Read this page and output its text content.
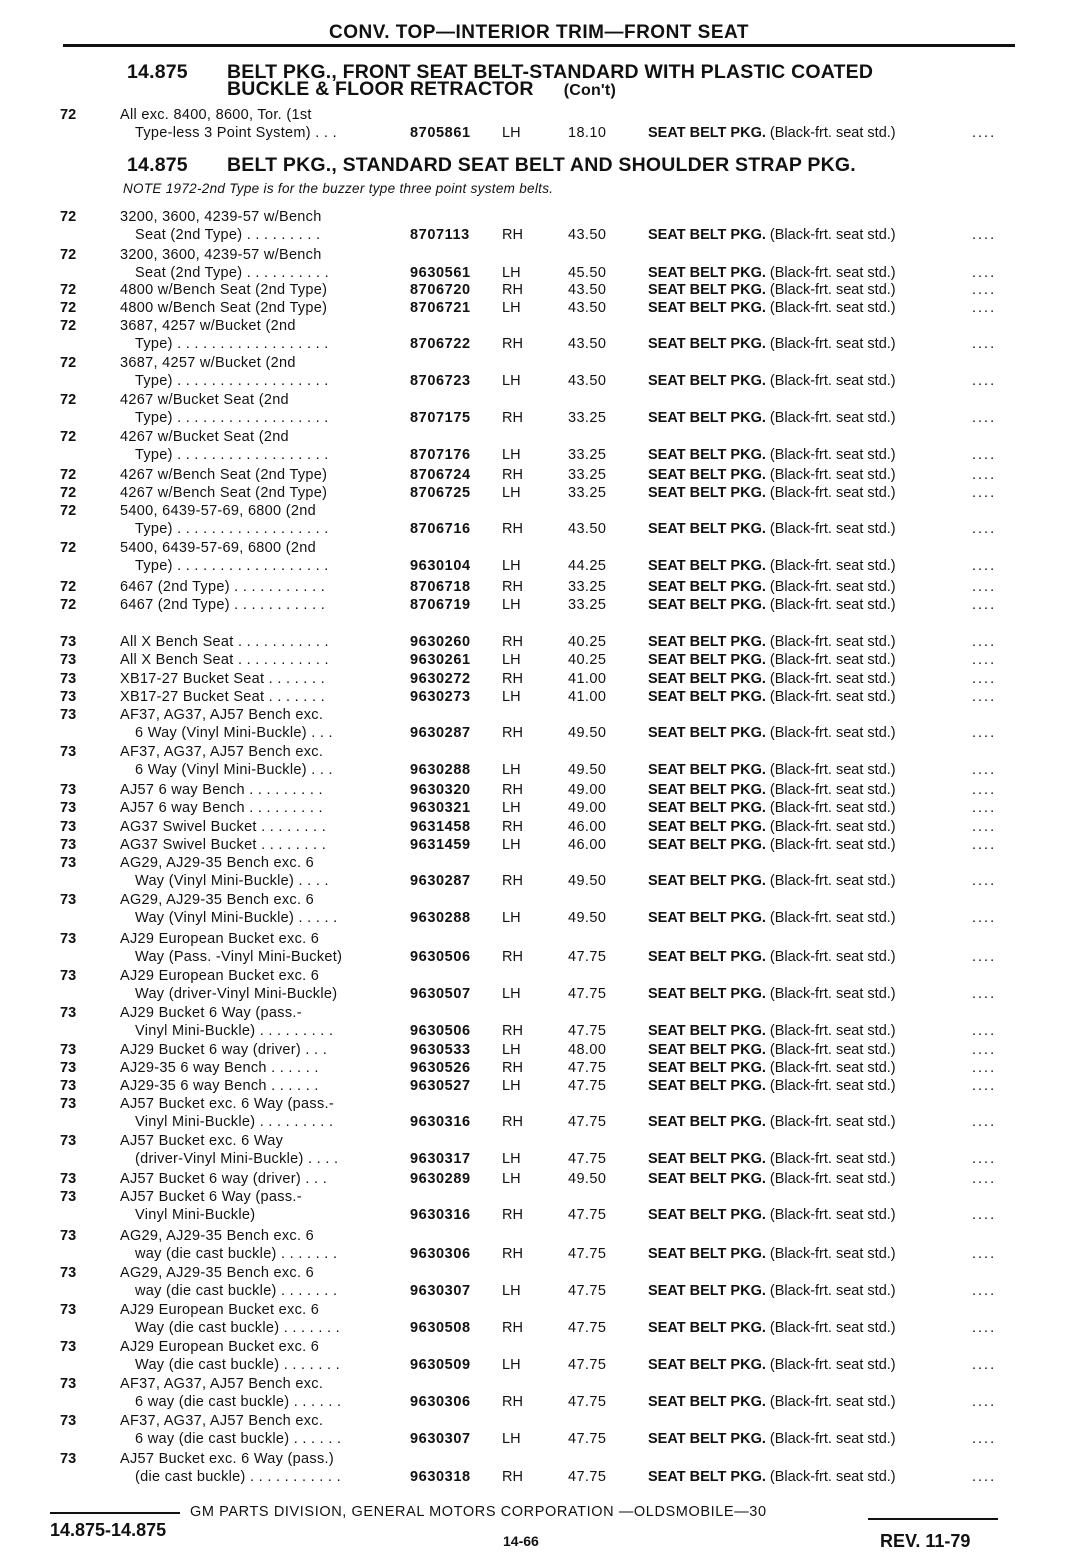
CONV. TOP—INTERIOR TRIM—FRONT SEAT
14.875 BELT PKG., FRONT SEAT BELT-STANDARD WITH PLASTIC COATED
BUCKLE & FLOOR RETRACTOR (Con't)
14.875 BELT PKG., STANDARD SEAT BELT AND SHOULDER STRAP PKG.
NOTE 1972-2nd Type is for the buzzer type three point system belts.
72	All exc. 8400, 8600, Tor. (1st
Type-less 3 Point System) . . .	8705861 LH	18.10	SEAT BELT PKG. (Black-frt. seat std.)	....
72	3200, 3600, 4239-57 w/Bench
Seat (2nd Type) . . . . . . . . .	8707113 RH	43.50	SEAT BELT PKG. (Black-frt. seat std.)	....
72	3200, 3600, 4239-57 w/Bench
Seat (2nd Type) . . . . . . . . . .	9630561 LH	45.50	SEAT BELT PKG. (Black-frt. seat std.)	....
72	4800 w/Bench Seat (2nd Type)	8706720 RH	43.50	SEAT BELT PKG. (Black-frt. seat std.)	....
72	4800 w/Bench Seat (2nd Type)	8706721 LH	43.50	SEAT BELT PKG. (Black-frt. seat std.)	....
72	3687, 4257 w/Bucket (2nd
Type) . . . . . . . . . . . . . . . . . .	8706722 RH	43.50	SEAT BELT PKG. (Black-frt. seat std.)	....
72	3687, 4257 w/Bucket (2nd
Type) . . . . . . . . . . . . . . . . . .	8706723 LH	43.50	SEAT BELT PKG. (Black-frt. seat std.)	....
72	4267 w/Bucket Seat (2nd
Type) . . . . . . . . . . . . . . . . . .	8707175 RH	33.25	SEAT BELT PKG. (Black-frt. seat std.)	....
72	4267 w/Bucket Seat (2nd
Type) . . . . . . . . . . . . . . . . . .	8707176 LH	33.25	SEAT BELT PKG. (Black-frt. seat std.)	....
72	4267 w/Bench Seat (2nd Type)	8706724 RH	33.25	SEAT BELT PKG. (Black-frt. seat std.)	....
72	4267 w/Bench Seat (2nd Type)	8706725 LH	33.25	SEAT BELT PKG. (Black-frt. seat std.)	....
72	5400, 6439-57-69, 6800 (2nd
Type) . . . . . . . . . . . . . . . . . .	8706716 RH	43.50	SEAT BELT PKG. (Black-frt. seat std.)	....
72	5400, 6439-57-69, 6800 (2nd
Type) . . . . . . . . . . . . . . . . . .	9630104 LH	44.25	SEAT BELT PKG. (Black-frt. seat std.)	....
72	6467 (2nd Type) . . . . . . . . . . .	8706718 RH	33.25	SEAT BELT PKG. (Black-frt. seat std.)	....
72	6467 (2nd Type) . . . . . . . . . . .	8706719 LH	33.25	SEAT BELT PKG. (Black-frt. seat std.)	....
73	All X Bench Seat . . . . . . . . . . .	9630260 RH	40.25	SEAT BELT PKG. (Black-frt. seat std.)	....
73	All X Bench Seat . . . . . . . . . . .	9630261 LH	40.25	SEAT BELT PKG. (Black-frt. seat std.)	....
73	XB17-27 Bucket Seat . . . . . . .	9630272 RH	41.00	SEAT BELT PKG. (Black-frt. seat std.)	....
73	XB17-27 Bucket Seat . . . . . . .	9630273 LH	41.00	SEAT BELT PKG. (Black-frt. seat std.)	....
73	AF37, AG37, AJ57 Bench exc.
6 Way (Vinyl Mini-Buckle) . . .	9630287 RH	49.50	SEAT BELT PKG. (Black-frt. seat std.)	....
73	AF37, AG37, AJ57 Bench exc.
6 Way (Vinyl Mini-Buckle) . . .	9630288 LH	49.50	SEAT BELT PKG. (Black-frt. seat std.)	....
73	AJ57 6 way Bench . . . . . . . . .	9630320 RH	49.00	SEAT BELT PKG. (Black-frt. seat std.)	....
73	AJ57 6 way Bench . . . . . . . . .	9630321 LH	49.00	SEAT BELT PKG. (Black-frt. seat std.)	....
73	AG37 Swivel Bucket . . . . . . . .	9631458 RH	46.00	SEAT BELT PKG. (Black-frt. seat std.)	....
73	AG37 Swivel Bucket . . . . . . . .	9631459 LH	46.00	SEAT BELT PKG. (Black-frt. seat std.)	....
73	AG29, AJ29-35 Bench exc. 6
Way (Vinyl Mini-Buckle) . . . .	9630287 RH	49.50	SEAT BELT PKG. (Black-frt. seat std.)	....
73	AG29, AJ29-35 Bench exc. 6
Way (Vinyl Mini-Buckle) . . . . .	9630288 LH	49.50	SEAT BELT PKG. (Black-frt. seat std.)	....
73	AJ29 European Bucket exc. 6
Way (Pass. -Vinyl Mini-Bucket)	9630506 RH	47.75	SEAT BELT PKG. (Black-frt. seat std.)	....
73	AJ29 European Bucket exc. 6
Way (driver-Vinyl Mini-Buckle)	9630507 LH	47.75	SEAT BELT PKG. (Black-frt. seat std.)	....
73	AJ29 Bucket 6 Way (pass.-
Vinyl Mini-Buckle) . . . . . . . . .	9630506 RH	47.75	SEAT BELT PKG. (Black-frt. seat std.)	....
73	AJ29 Bucket 6 way (driver) . . .	9630533 LH	48.00	SEAT BELT PKG. (Black-frt. seat std.)	....
73	AJ29-35 6 way Bench . . . . . .	9630526 RH	47.75	SEAT BELT PKG. (Black-frt. seat std.)	....
73	AJ29-35 6 way Bench . . . . . .	9630527 LH	47.75	SEAT BELT PKG. (Black-frt. seat std.)	....
73	AJ57 Bucket exc. 6 Way (pass.-
Vinyl Mini-Buckle) . . . . . . . . .	9630316 RH	47.75	SEAT BELT PKG. (Black-frt. seat std.)	....
73	AJ57 Bucket exc. 6 Way
(driver-Vinyl Mini-Buckle) . . . .	9630317 LH	47.75	SEAT BELT PKG. (Black-frt. seat std.)	....
73	AJ57 Bucket 6 way (driver) . . .	9630289 LH	49.50	SEAT BELT PKG. (Black-frt. seat std.)	....
73	AJ57 Bucket 6 Way (pass.-
Vinyl Mini-Buckle)	9630316 RH	47.75	SEAT BELT PKG. (Black-frt. seat std.)	....
73	AG29, AJ29-35 Bench exc. 6
way (die cast buckle) . . . . . . .	9630306 RH	47.75	SEAT BELT PKG. (Black-frt. seat std.)	....
73	AG29, AJ29-35 Bench exc. 6
way (die cast buckle) . . . . . . .	9630307 LH	47.75	SEAT BELT PKG. (Black-frt. seat std.)	....
73	AJ29 European Bucket exc. 6
Way (die cast buckle) . . . . . . .	9630508 RH	47.75	SEAT BELT PKG. (Black-frt. seat std.)	....
73	AJ29 European Bucket exc. 6
Way (die cast buckle) . . . . . . .	9630509 LH	47.75	SEAT BELT PKG. (Black-frt. seat std.)	....
73	AF37, AG37, AJ57 Bench exc.
6 way (die cast buckle) . . . . . .	9630306 RH	47.75	SEAT BELT PKG. (Black-frt. seat std.)	....
73	AF37, AG37, AJ57 Bench exc.
6 way (die cast buckle) . . . . . .	9630307 LH	47.75	SEAT BELT PKG. (Black-frt. seat std.)	....
73	AJ57 Bucket exc. 6 Way (pass.)
(die cast buckle) . . . . . . . . . . .	9630318 RH	47.75	SEAT BELT PKG. (Black-frt. seat std.)	....
GM PARTS DIVISION, GENERAL MOTORS CORPORATION —OLDSMOBILE—30
14.875-14.875
14-66	REV. 11-79
